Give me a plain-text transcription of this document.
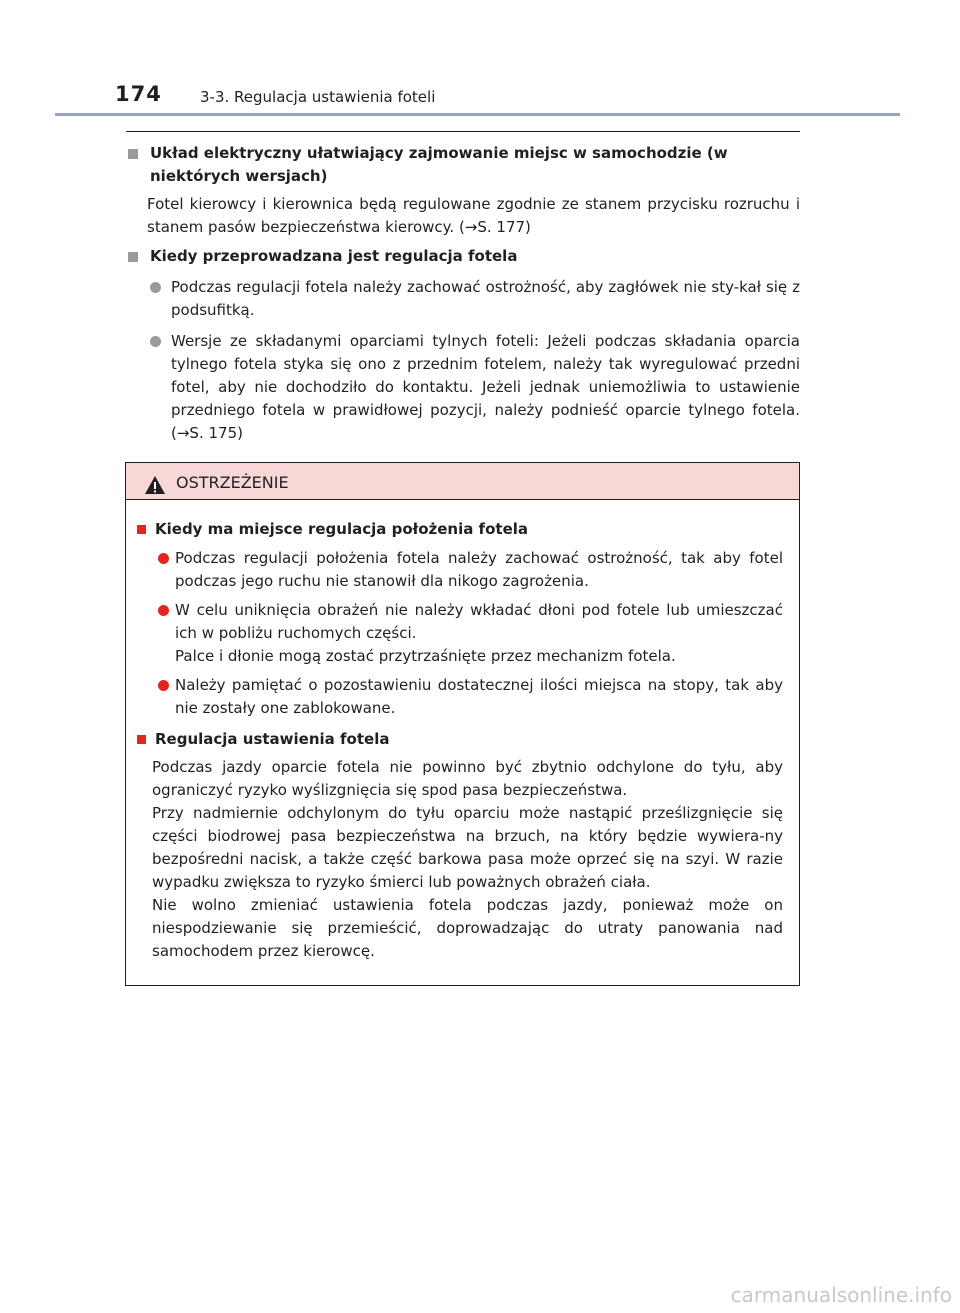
174	3-3. Regulacja ustawienia foteli
Układ elektryczny ułatwiający zajmowanie miejsc w samochodzie (w niektórych wersjach)
Fotel kierowcy i kierownica będą regulowane zgodnie ze stanem przycisku rozruchu i stanem pasów bezpieczeństwa kierowcy. (→S. 177)
Kiedy przeprowadzana jest regulacja fotela
Podczas regulacji fotela należy zachować ostrożność, aby zagłówek nie sty-kał się z podsufitką.
Wersje ze składanymi oparciami tylnych foteli: Jeżeli podczas składania oparcia tylnego fotela styka się ono z przednim fotelem, należy tak wyregulować przedni fotel, aby nie dochodziło do kontaktu. Jeżeli jednak uniemożliwia to ustawienie przedniego fotela w prawidłowej pozycji, należy podnieść oparcie tylnego fotela. (→S. 175)
OSTRZEŻENIE
Kiedy ma miejsce regulacja położenia fotela
Podczas regulacji położenia fotela należy zachować ostrożność, tak aby fotel podczas jego ruchu nie stanowił dla nikogo zagrożenia.
W celu uniknięcia obrażeń nie należy wkładać dłoni pod fotele lub umieszczać ich w pobliżu ruchomych części.
Palce i dłonie mogą zostać przytrzaśnięte przez mechanizm fotela.
Należy pamiętać o pozostawieniu dostatecznej ilości miejsca na stopy, tak aby nie zostały one zablokowane.
Regulacja ustawienia fotela
Podczas jazdy oparcie fotela nie powinno być zbytnio odchylone do tyłu, aby ograniczyć ryzyko wyślizgnięcia się spod pasa bezpieczeństwa.
Przy nadmiernie odchylonym do tyłu oparciu może nastąpić prześlizgnięcie się części biodrowej pasa bezpieczeństwa na brzuch, na który będzie wywiera-ny bezpośredni nacisk, a także część barkowa pasa może oprzeć się na szyi. W razie wypadku zwiększa to ryzyko śmierci lub poważnych obrażeń ciała.
Nie wolno zmieniać ustawienia fotela podczas jazdy, ponieważ może on niespodziewanie się przemieścić, doprowadzając do utraty panowania nad samochodem przez kierowcę.
carmanualsonline.info
